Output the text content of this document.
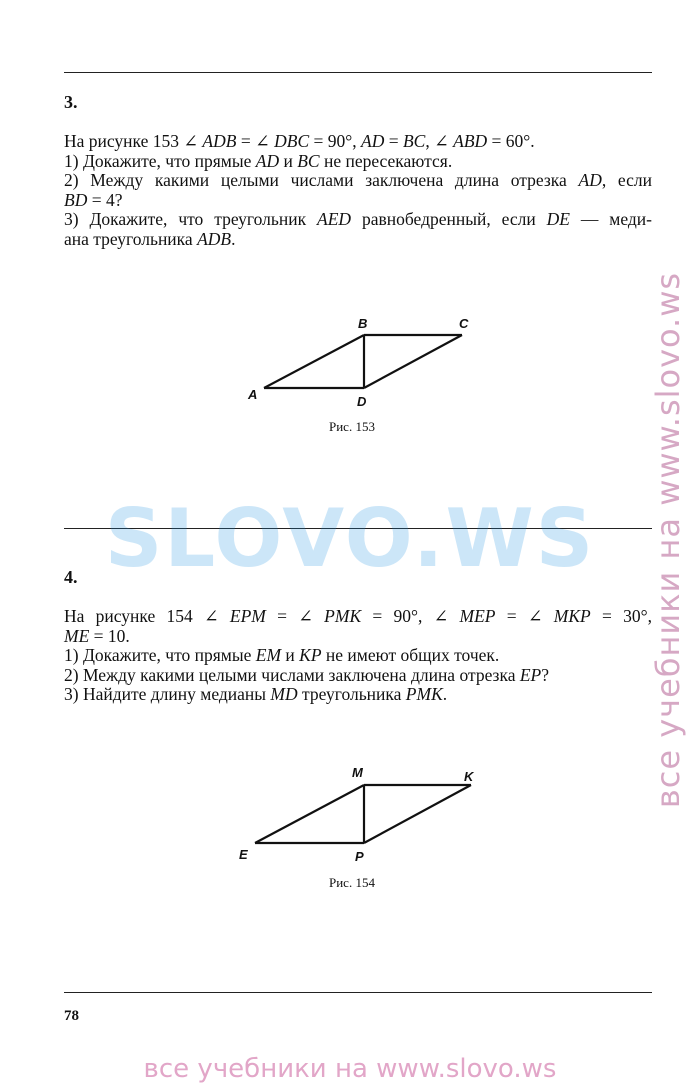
3.

На рисунке 153 ∠ ADB = ∠ DBC = 90°, AD = BC, ∠ ABD = 60°.

1) Докажите, что прямые AD и BC не пересекаются.

2) Между какими целыми числами заключена длина отрезка AD, если

BD = 4?

3) Докажите, что треугольник AED равнобедренный, если DE — меди-

ана треугольника ADB.

B	C
A	D
M	K
E	P
Рис. 153
SLOVO.WS
4.

На рисунке 154 ∠ EPM = ∠ PMK = 90°, ∠ MEP = ∠ MKP = 30°,

ME = 10.

1) Докажите, что прямые EM и KP не имеют общих точек.

2) Между какими целыми числами заключена длина отрезка EP?

3) Найдите длину медианы MD треугольника PMK.

Рис. 154
78
все учебники на www.slovo.ws
все учебники на www.slovo.ws
